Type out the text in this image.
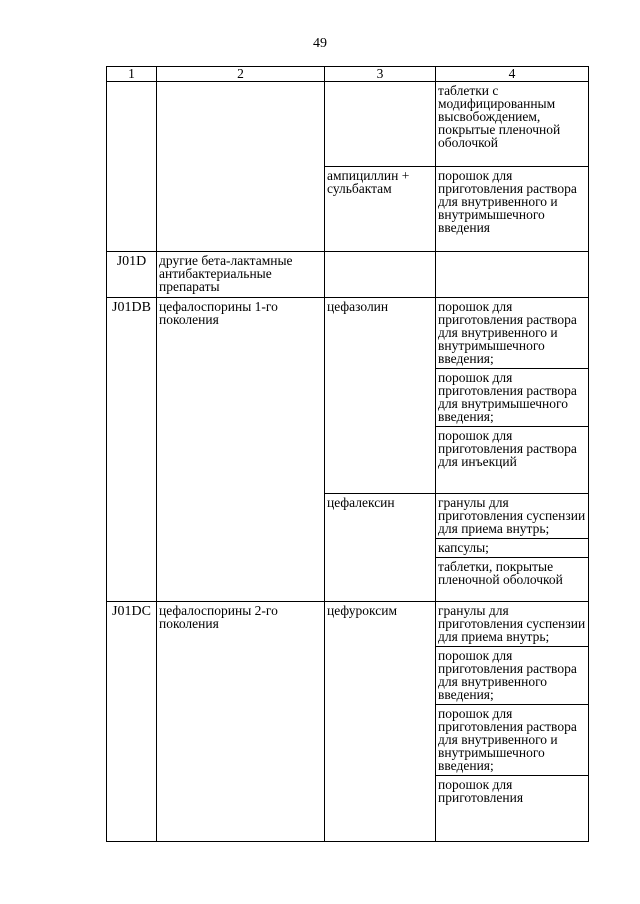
49
1	2	3	4

			таблетки с модифицированным высвобождением, покрытые пленочной оболочкой

		ампициллин + сульбактам	порошок для приготовления раствора для внутривенного и внутримышечного введения

J01D	другие бета-лактамные антибактериальные препараты		

J01DB	цефалоспорины 1-го поколения	цефазолин	порошок для приготовления раствора для внутривенного и внутримышечного введения;
порошок для приготовления раствора для внутримышечного введения;
порошок для приготовления раствора для инъекций

		цефалексин	гранулы для приготовления суспензии для приема внутрь;
капсулы;
таблетки, покрытые пленочной оболочкой

J01DC	цефалоспорины 2-го поколения	цефуроксим	гранулы для приготовления суспензии для приема внутрь;
порошок для приготовления раствора для внутривенного введения;
порошок для приготовления раствора для внутривенного и внутримышечного введения;
порошок для приготовления
